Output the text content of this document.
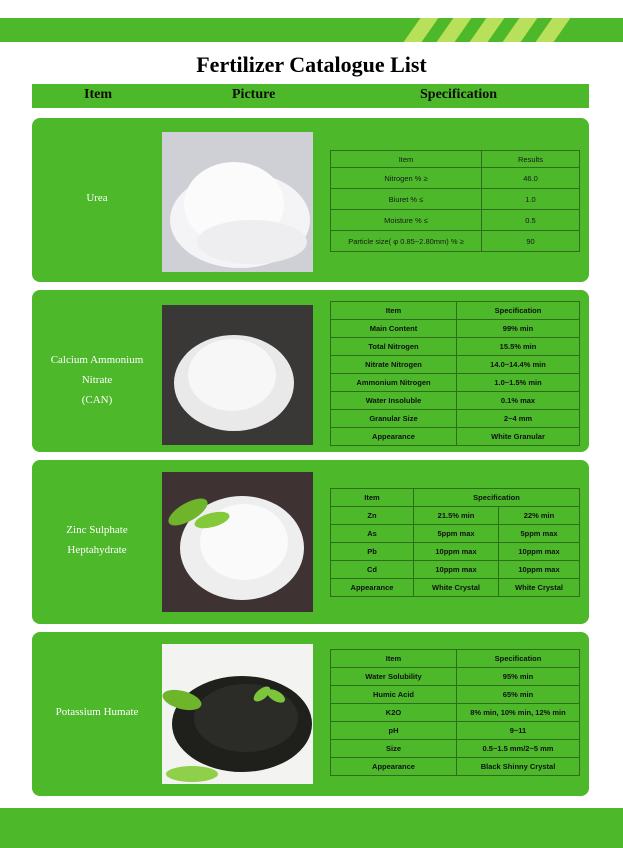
Fertilizer Catalogue List
Item	Picture	Specification
Urea
Item	Results
Nitrogen % ≥	46.0
Biuret % ≤	1.0
Moisture % ≤	0.5
Particle size( φ 0.85~2.80mm) % ≥	90
Calcium Ammonium
Nitrate
(CAN)
Item	Specification
Main Content	99% min
Total Nitrogen	15.5% min
Nitrate Nitrogen	14.0~14.4% min
Ammonium Nitrogen	1.0~1.5% min
Water Insoluble	0.1% max
Granular Size	2~4 mm
Appearance	White Granular
Zinc Sulphate
Heptahydrate
Item	Specification	
Zn	21.5% min	22% min
As	5ppm max	5ppm max
Pb	10ppm max	10ppm max
Cd	10ppm max	10ppm max
Appearance	White Crystal	White Crystal
Potassium Humate
Item	Specification
Water Solubility	95% min
Humic Acid	65% min
K2O	8% min, 10% min, 12% min
pH	9~11
Size	0.5~1.5 mm/2~5 mm
Appearance	Black Shinny Crystal
